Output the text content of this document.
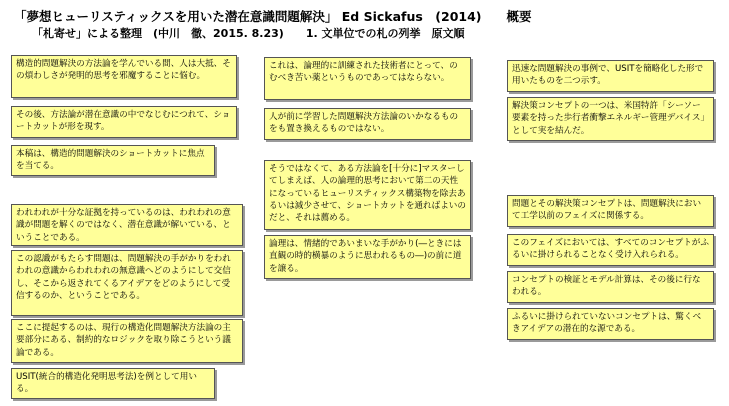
「夢想ヒューリスティックスを用いた潜在意識問題解決」 Ed Sickafus　(2014)　　概要
「札寄せ」による整理　(中川　徹、2015. 8.23)　　1. 文単位での札の列挙　原文順
構造的問題解決の方法論を学んでいる間、人は大抵、その煩わしさが発明的思考を邪魔することに悩む。
その後、方法論が潜在意識の中でなじむにつれて、ショートカットが形を現す。
本稿は、構造的問題解決のショートカットに焦点を当てる。
われわれが十分な証拠を持っているのは、われわれの意識が問題を解くのではなく、潜在意識が解いている、ということである。
この認識がもたらす問題は、問題解決の手がかりをわれわれの意識からわれわれの無意識へどのようにして交信し、そこから返されてくるアイデアをどのようにして受信するのか、ということである。
ここに提起するのは、現行の構造化問題解決方法論の主要部分にある、制約的なロジックを取り除こうという議論である。
USIT(統合的構造化発明思考法)を例として用いる。
これは、論理的に訓練された技術者にとって、のむべき苦い薬というものであってはならない。
人が前に学習した問題解決方法論のいかなるものをも置き換えるものではない。
そうではなくて、ある方法論を[十分に]マスターしてしまえば、人の論理的思考において第二の天性になっているヒューリスティックス構築物を除去あるいは減少させて、ショートカットを通ればよいのだと、それは薦める。
論理は、情緒的であいまいな手がかり(―ときには直観の時的横暴のように思われるもの―)の前に道を譲る。
迅速な問題解決の事例で、USITを簡略化した形で用いたものを二つ示す。
解決策コンセプトの一つは、米国特許「シーソー要素を持った歩行者衝撃エネルギー管理デバイス」として実を結んだ。
問題とその解決策コンセプトは、問題解決において工学以前のフェイズに関係する。
このフェイズにおいては、すべてのコンセプトがふるいに掛けられることなく受け入れられる。
コンセプトの検証とモデル計算は、その後に行なわれる。
ふるいに掛けられていないコンセプトは、驚くべきアイデアの潜在的な源である。
